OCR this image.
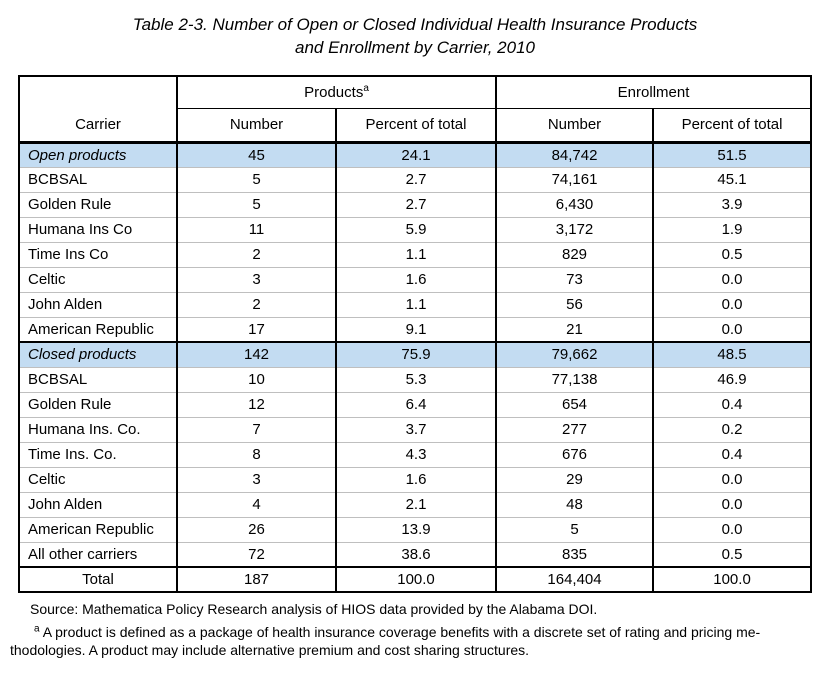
Table 2-3. Number of Open or Closed Individual Health Insurance Products
and Enrollment by Carrier, 2010
Carrier	Products$^a$		Enrollment	
	Number	Percent of total	Number	Percent of total
Open products	45	24.1	84,742	51.5
BCBSAL	5	2.7	74,161	45.1
Golden Rule	5	2.7	6,430	3.9
Humana Ins Co	11	5.9	3,172	1.9
Time Ins Co	2	1.1	829	0.5
Celtic	3	1.6	73	0.0
John Alden	2	1.1	56	0.0
American Republic	17	9.1	21	0.0
Closed products	142	75.9	79,662	48.5
BCBSAL	10	5.3	77,138	46.9
Golden Rule	12	6.4	654	0.4
Humana Ins. Co.	7	3.7	277	0.2
Time Ins. Co.	8	4.3	676	0.4
Celtic	3	1.6	29	0.0
John Alden	4	2.1	48	0.0
American Republic	26	13.9	5	0.0
All other carriers	72	38.6	835	0.5
Total	187	100.0	164,404	100.0

Source: Mathematica Policy Research analysis of HIOS data provided by the Alabama DOI.

$^a$ A product is defined as a package of health insurance coverage benefits with a discrete set of rating and pricing me-
thodologies. A product may include alternative premium and cost sharing structures.
